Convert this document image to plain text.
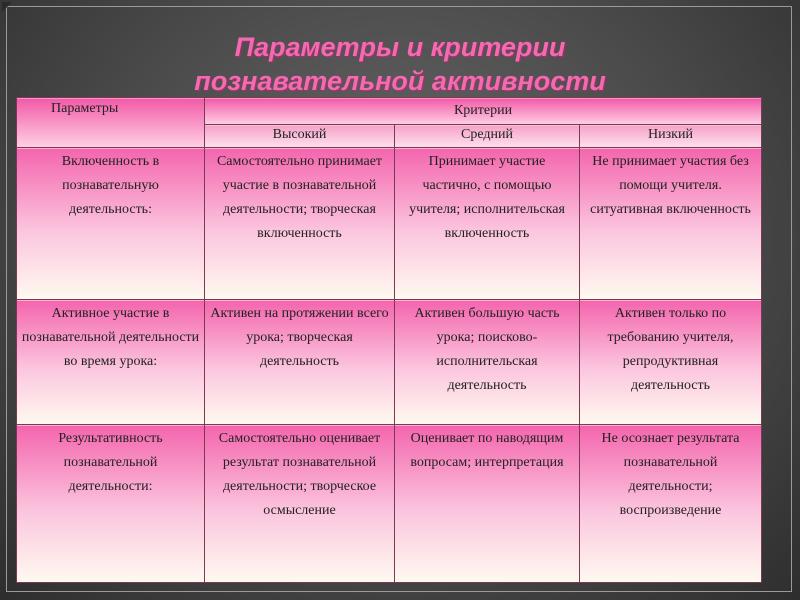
Параметры и критерии
познавательной активности
Параметры	Критерии		
	Высокий	Средний	Низкий
Включенность в познавательную деятельность:	Самостоятельно принимает участие в познавательной деятельности; творческая включенность	Принимает участие частично, с помощью учителя; исполнительская включенность	Не принимает участия без помощи учителя. ситуативная включенность
Активное участие в познавательной деятельности во время урока:	Активен на протяжении всего урока; творческая деятельность	Активен большую часть урока; поисково-исполнительская деятельность	Активен только по требованию учителя, репродуктивная деятельность
Результативность познавательной деятельности:	Самостоятельно оценивает результат познавательной деятельности; творческое осмысление	Оценивает по наводящим вопросам; интерпретация	Не осознает результата познавательной деятельности; воспроизведение
